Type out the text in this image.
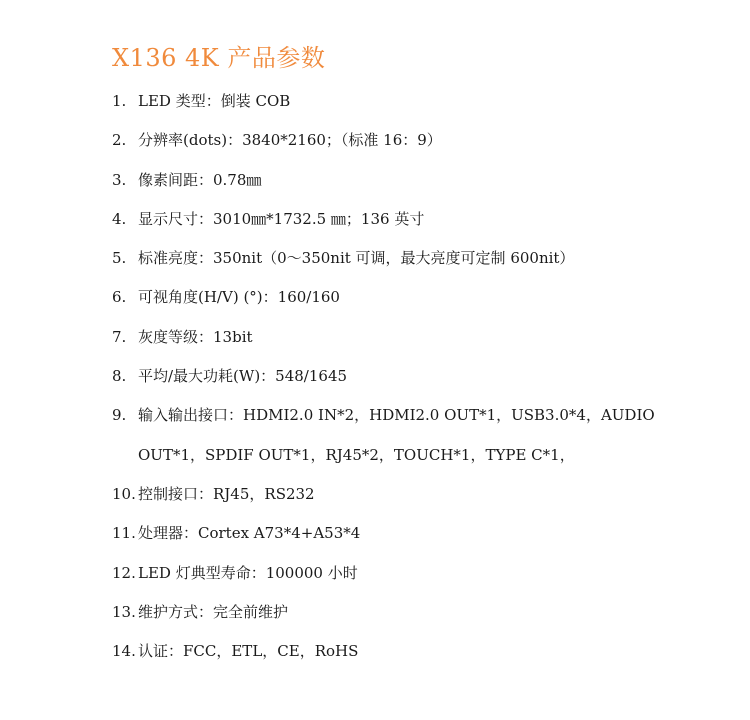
X136 4K 产品参数
1. LED 类型：倒装 COB
2. 分辨率(dots)：3840*2160；（标准 16：9）
3. 像素间距：0.78㎜
4. 显示尺寸：3010㎜*1732.5 ㎜；136 英寸
5. 标准亮度：350nit（0～350nit 可调，最大亮度可定制 600nit）
6. 可视角度(H/V) (°)：160/160
7. 灰度等级：13bit
8. 平均/最大功耗(W)：548/1645
9. 输入输出接口：HDMI2.0 IN*2，HDMI2.0 OUT*1，USB3.0*4，AUDIO
OUT*1，SPDIF OUT*1，RJ45*2，TOUCH*1，TYPE C*1，
10. 控制接口：RJ45，RS232
11. 处理器：Cortex A73*4+A53*4
12. LED 灯典型寿命：100000 小时
13. 维护方式：完全前维护
14. 认证：FCC，ETL，CE，RoHS
